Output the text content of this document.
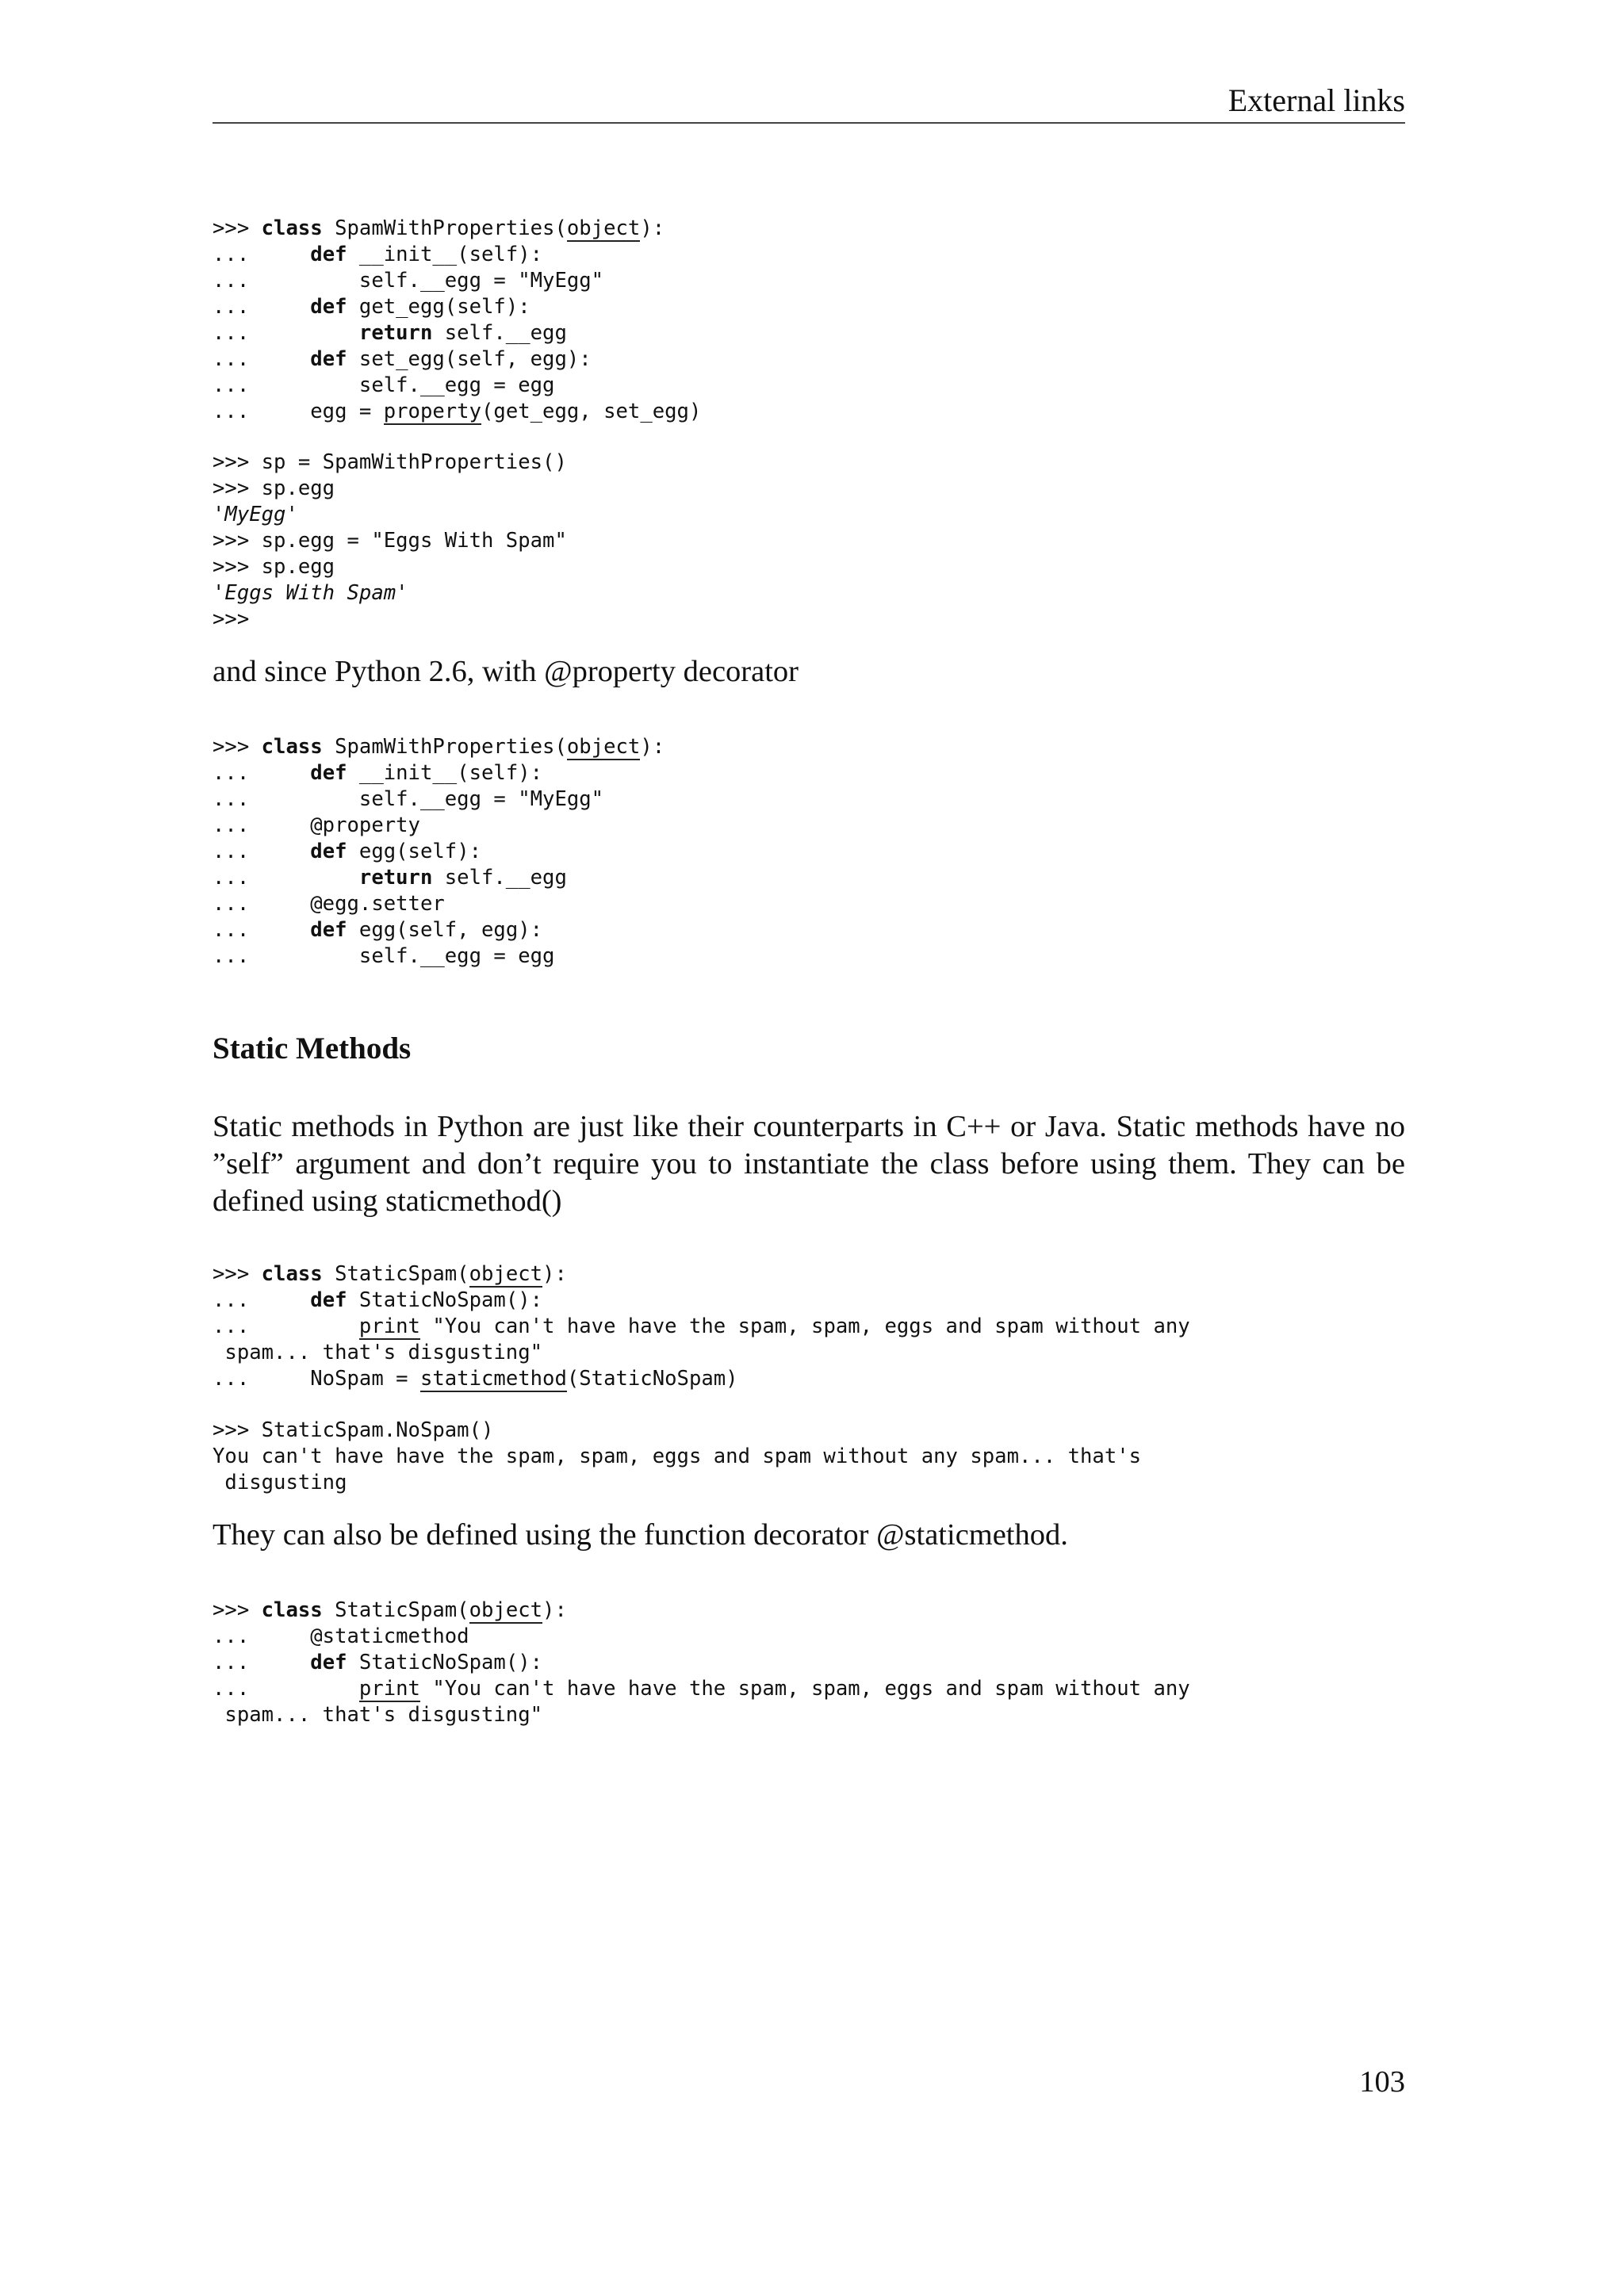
External links
>>> class SpamWithProperties(object):
...     def __init__(self):
...         self.__egg = "MyEgg"
...     def get_egg(self):
...         return self.__egg
...     def set_egg(self, egg):
...         self.__egg = egg
...     egg = property(get_egg, set_egg)
>>> sp = SpamWithProperties()
>>> sp.egg
'MyEgg'
>>> sp.egg = "Eggs With Spam"
>>> sp.egg
'Eggs With Spam'
>>>

and since Python 2.6, with @property decorator

>>> class SpamWithProperties(object):
...     def __init__(self):
...         self.__egg = "MyEgg"
...     @property
...     def egg(self):
...         return self.__egg
...     @egg.setter
...     def egg(self, egg):
...         self.__egg = egg
Static Methods

Static methods in Python are just like their counterparts in C++ or Java. Static methods have no ”self” argument and don’t require you to instantiate the class before using them. They can be defined using staticmethod()

>>> class StaticSpam(object):
...     def StaticNoSpam():
...         print "You can't have have the spam, spam, eggs and spam without any
spam... that's disgusting"
...     NoSpam = staticmethod(StaticNoSpam)
>>> StaticSpam.NoSpam()
You can't have have the spam, spam, eggs and spam without any spam... that's
disgusting

They can also be defined using the function decorator @staticmethod.

>>> class StaticSpam(object):
...     @staticmethod
...     def StaticNoSpam():
...         print "You can't have have the spam, spam, eggs and spam without any
spam... that's disgusting"
103
